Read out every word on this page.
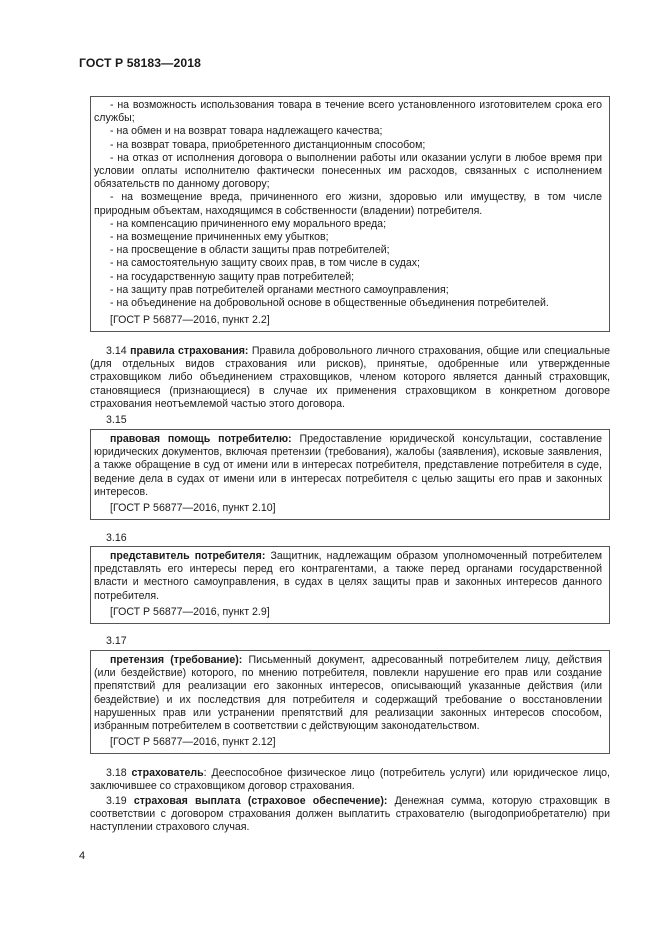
ГОСТ Р 58183—2018

- на возможность использования товара в течение всего установленного изготовителем срока его службы;

- на обмен и на возврат товара надлежащего качества;

- на возврат товара, приобретенного дистанционным способом;

- на отказ от исполнения договора о выполнении работы или оказании услуги в любое время при условии оплаты исполнителю фактически понесенных им расходов, связанных с исполнением обязательств по данному договору;

- на возмещение вреда, причиненного его жизни, здоровью или имуществу, в том числе природным объектам, находящимся в собственности (владении) потребителя.

- на компенсацию причиненного ему морального вреда;

- на возмещение причиненных ему убытков;

- на просвещение в области защиты прав потребителей;

- на самостоятельную защиту своих прав, в том числе в судах;

- на государственную защиту прав потребителей;

- на защиту прав потребителей органами местного самоуправления;

- на объединение на добровольной основе в общественные объединения потребителей.

[ГОСТ Р 56877—2016, пункт 2.2]

3.14 правила страхования: Правила добровольного личного страхования, общие или специальные (для отдельных видов страхования или рисков), принятые, одобренные или утвержденные страховщиком либо объединением страховщиков, членом которого является данный страховщик, становящиеся (признающиеся) в случае их применения страховщиком в конкретном договоре страхования неотъемлемой частью этого договора.

3.15

правовая помощь потребителю: Предоставление юридической консультации, составление юридических документов, включая претензии (требования), жалобы (заявления), исковые заявления, а также обращение в суд от имени или в интересах потребителя, представление потребителя в суде, ведение дела в судах от имени или в интересах потребителя с целью защиты его прав и законных интересов.

[ГОСТ Р 56877—2016, пункт 2.10]

3.16

представитель потребителя: Защитник, надлежащим образом уполномоченный потребителем представлять его интересы перед его контрагентами, а также перед органами государственной власти и местного самоуправления, в судах в целях защиты прав и законных интересов данного потребителя.

[ГОСТ Р 56877—2016, пункт 2.9]

3.17

претензия (требование): Письменный документ, адресованный потребителем лицу, действия (или бездействие) которого, по мнению потребителя, повлекли нарушение его прав или создание препятствий для реализации его законных интересов, описывающий указанные действия (или бездействие) и их последствия для потребителя и содержащий требование о восстановлении нарушенных прав или устранении препятствий для реализации законных интересов способом, избранным потребителем в соответствии с действующим законодательством.

[ГОСТ Р 56877—2016, пункт 2.12]

3.18 страхователь: Дееспособное физическое лицо (потребитель услуги) или юридическое лицо, заключившее со страховщиком договор страхования.

3.19 страховая выплата (страховое обеспечение): Денежная сумма, которую страховщик в соответствии с договором страхования должен выплатить страхователю (выгодоприобретателю) при наступлении страхового случая.

4
